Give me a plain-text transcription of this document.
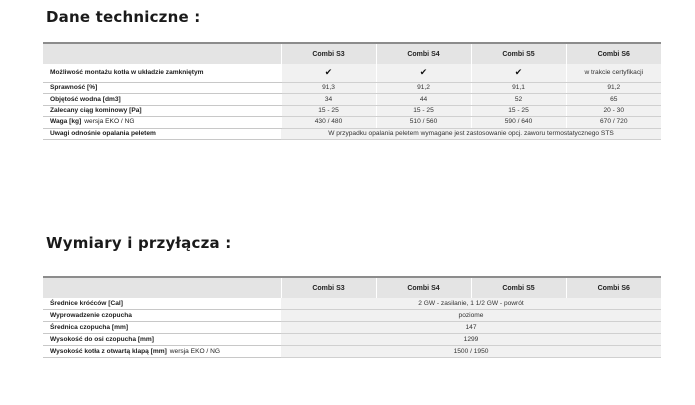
Dane techniczne :
	Combi S3	Combi S4	Combi S5	Combi S6
Możliwość montażu kotła w układzie zamkniętym	✔	✔	✔	w trakcie certyfikacji
Sprawność [%]	91,3	91,2	91,1	91,2
Objętość wodna [dm3]	34	44	52	65
Zalecany ciąg kominowy [Pa]	15 - 25	15 - 25	15 - 25	20 - 30
Waga [kg] wersja EKO / NG	430 / 480	510 / 560	590 / 640	670 / 720
Uwagi odnośnie opalania peletem	W przypadku opalania peletem wymagane jest zastosowanie opcj. zaworu termostatycznego STS			
Wymiary i przyłącza :
	Combi S3	Combi S4	Combi S5	Combi S6
Średnice króćców [Cal]	2 GW - zasilanie, 1 1/2 GW - powrót			
Wyprowadzenie czopucha	poziome			
Średnica czopucha [mm]	147			
Wysokość do osi czopucha [mm]	1299			
Wysokość kotła z otwartą klapą [mm] wersja EKO / NG	1500 / 1950			
